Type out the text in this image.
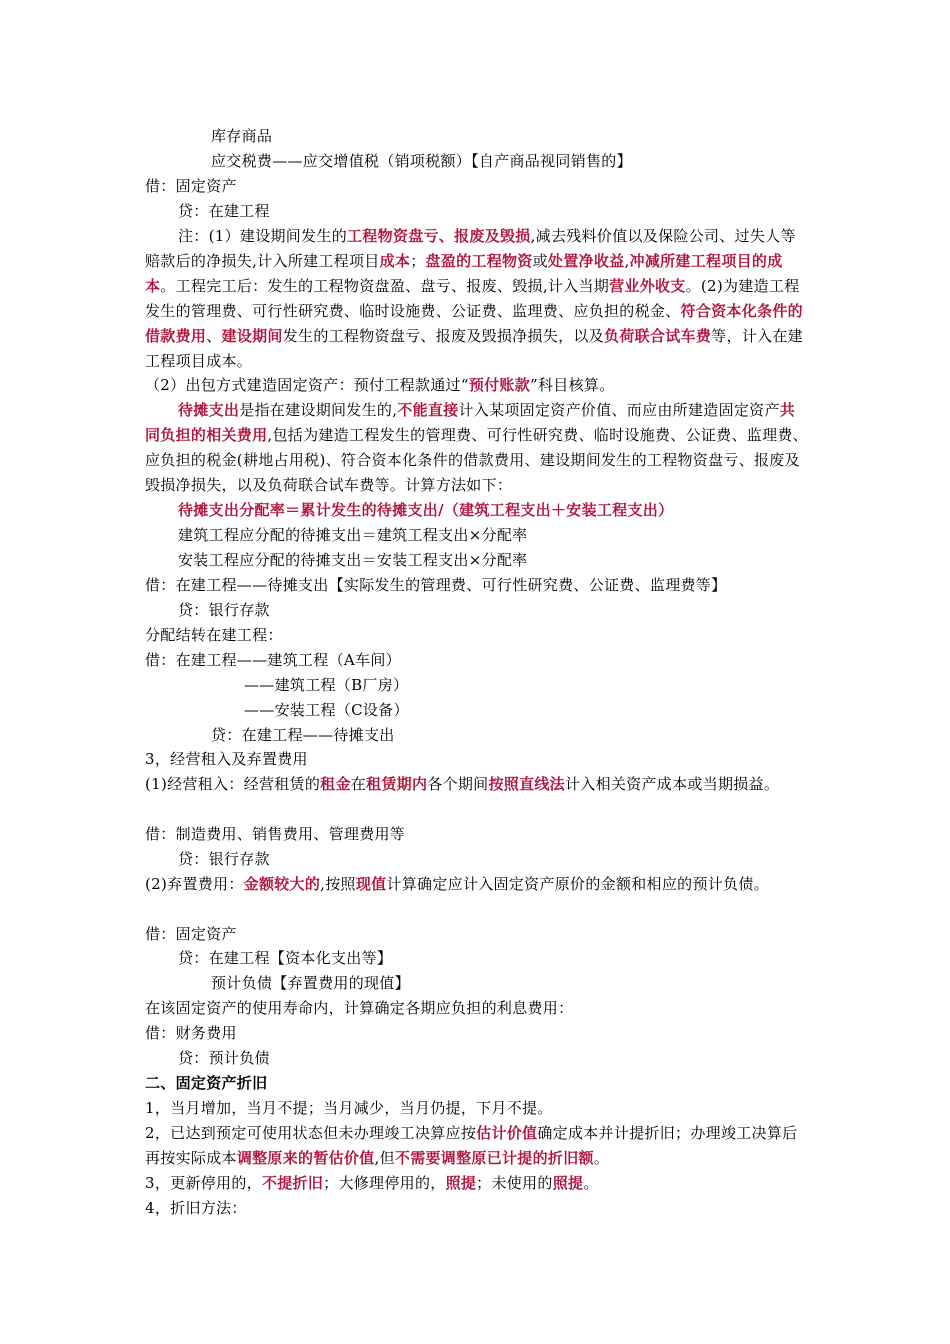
库存商品
应交税费——应交增值税（销项税额）【自产商品视同销售的】
借：固定资产
贷：在建工程
注：(1）建设期间发生的工程物资盘亏、报废及毁损,减去残料价值以及保险公司、过失人等赔款后的净损失,计入所建工程项目成本；盘盈的工程物资或处置净收益,冲减所建工程项目的成本。工程完工后：发生的工程物资盘盈、盘亏、报废、毁损,计入当期营业外收支。(2)为建造工程发生的管理费、可行性研究费、临时设施费、公证费、监理费、应负担的税金、符合资本化条件的借款费用、建设期间发生的工程物资盘亏、报废及毁损净损失，以及负荷联合试车费等，计入在建工程项目成本。
（2）出包方式建造固定资产：预付工程款通过“预付账款”科目核算。
待摊支出是指在建设期间发生的,不能直接计入某项固定资产价值、而应由所建造固定资产共同负担的相关费用,包括为建造工程发生的管理费、可行性研究费、临时设施费、公证费、监理费、应负担的税金(耕地占用税)、符合资本化条件的借款费用、建设期间发生的工程物资盘亏、报废及毁损净损失，以及负荷联合试车费等。计算方法如下：
待摊支出分配率＝累计发生的待摊支出/（建筑工程支出＋安装工程支出）
建筑工程应分配的待摊支出＝建筑工程支出×分配率
安装工程应分配的待摊支出＝安装工程支出×分配率
借：在建工程——待摊支出【实际发生的管理费、可行性研究费、公证费、监理费等】
贷：银行存款
分配结转在建工程：
借：在建工程——建筑工程（A车间）
——建筑工程（B厂房）
——安装工程（C设备）
贷：在建工程——待摊支出
3，经营租入及弃置费用
(1)经营租入：经营租赁的租金在租赁期内各个期间按照直线法计入相关资产成本或当期损益。
借：制造费用、销售费用、管理费用等
贷：银行存款
(2)弃置费用：金额较大的,按照现值计算确定应计入固定资产原价的金额和相应的预计负债。
借：固定资产
贷：在建工程【资本化支出等】
预计负债【弃置费用的现值】
在该固定资产的使用寿命内，计算确定各期应负担的利息费用：
借：财务费用
贷：预计负债
二、固定资产折旧
1，当月增加，当月不提；当月减少，当月仍提，下月不提。
2，已达到预定可使用状态但未办理竣工决算应按估计价值确定成本并计提折旧；办理竣工决算后再按实际成本调整原来的暂估价值,但不需要调整原已计提的折旧额。
3，更新停用的，不提折旧；大修理停用的，照提；未使用的照提。
4，折旧方法：
